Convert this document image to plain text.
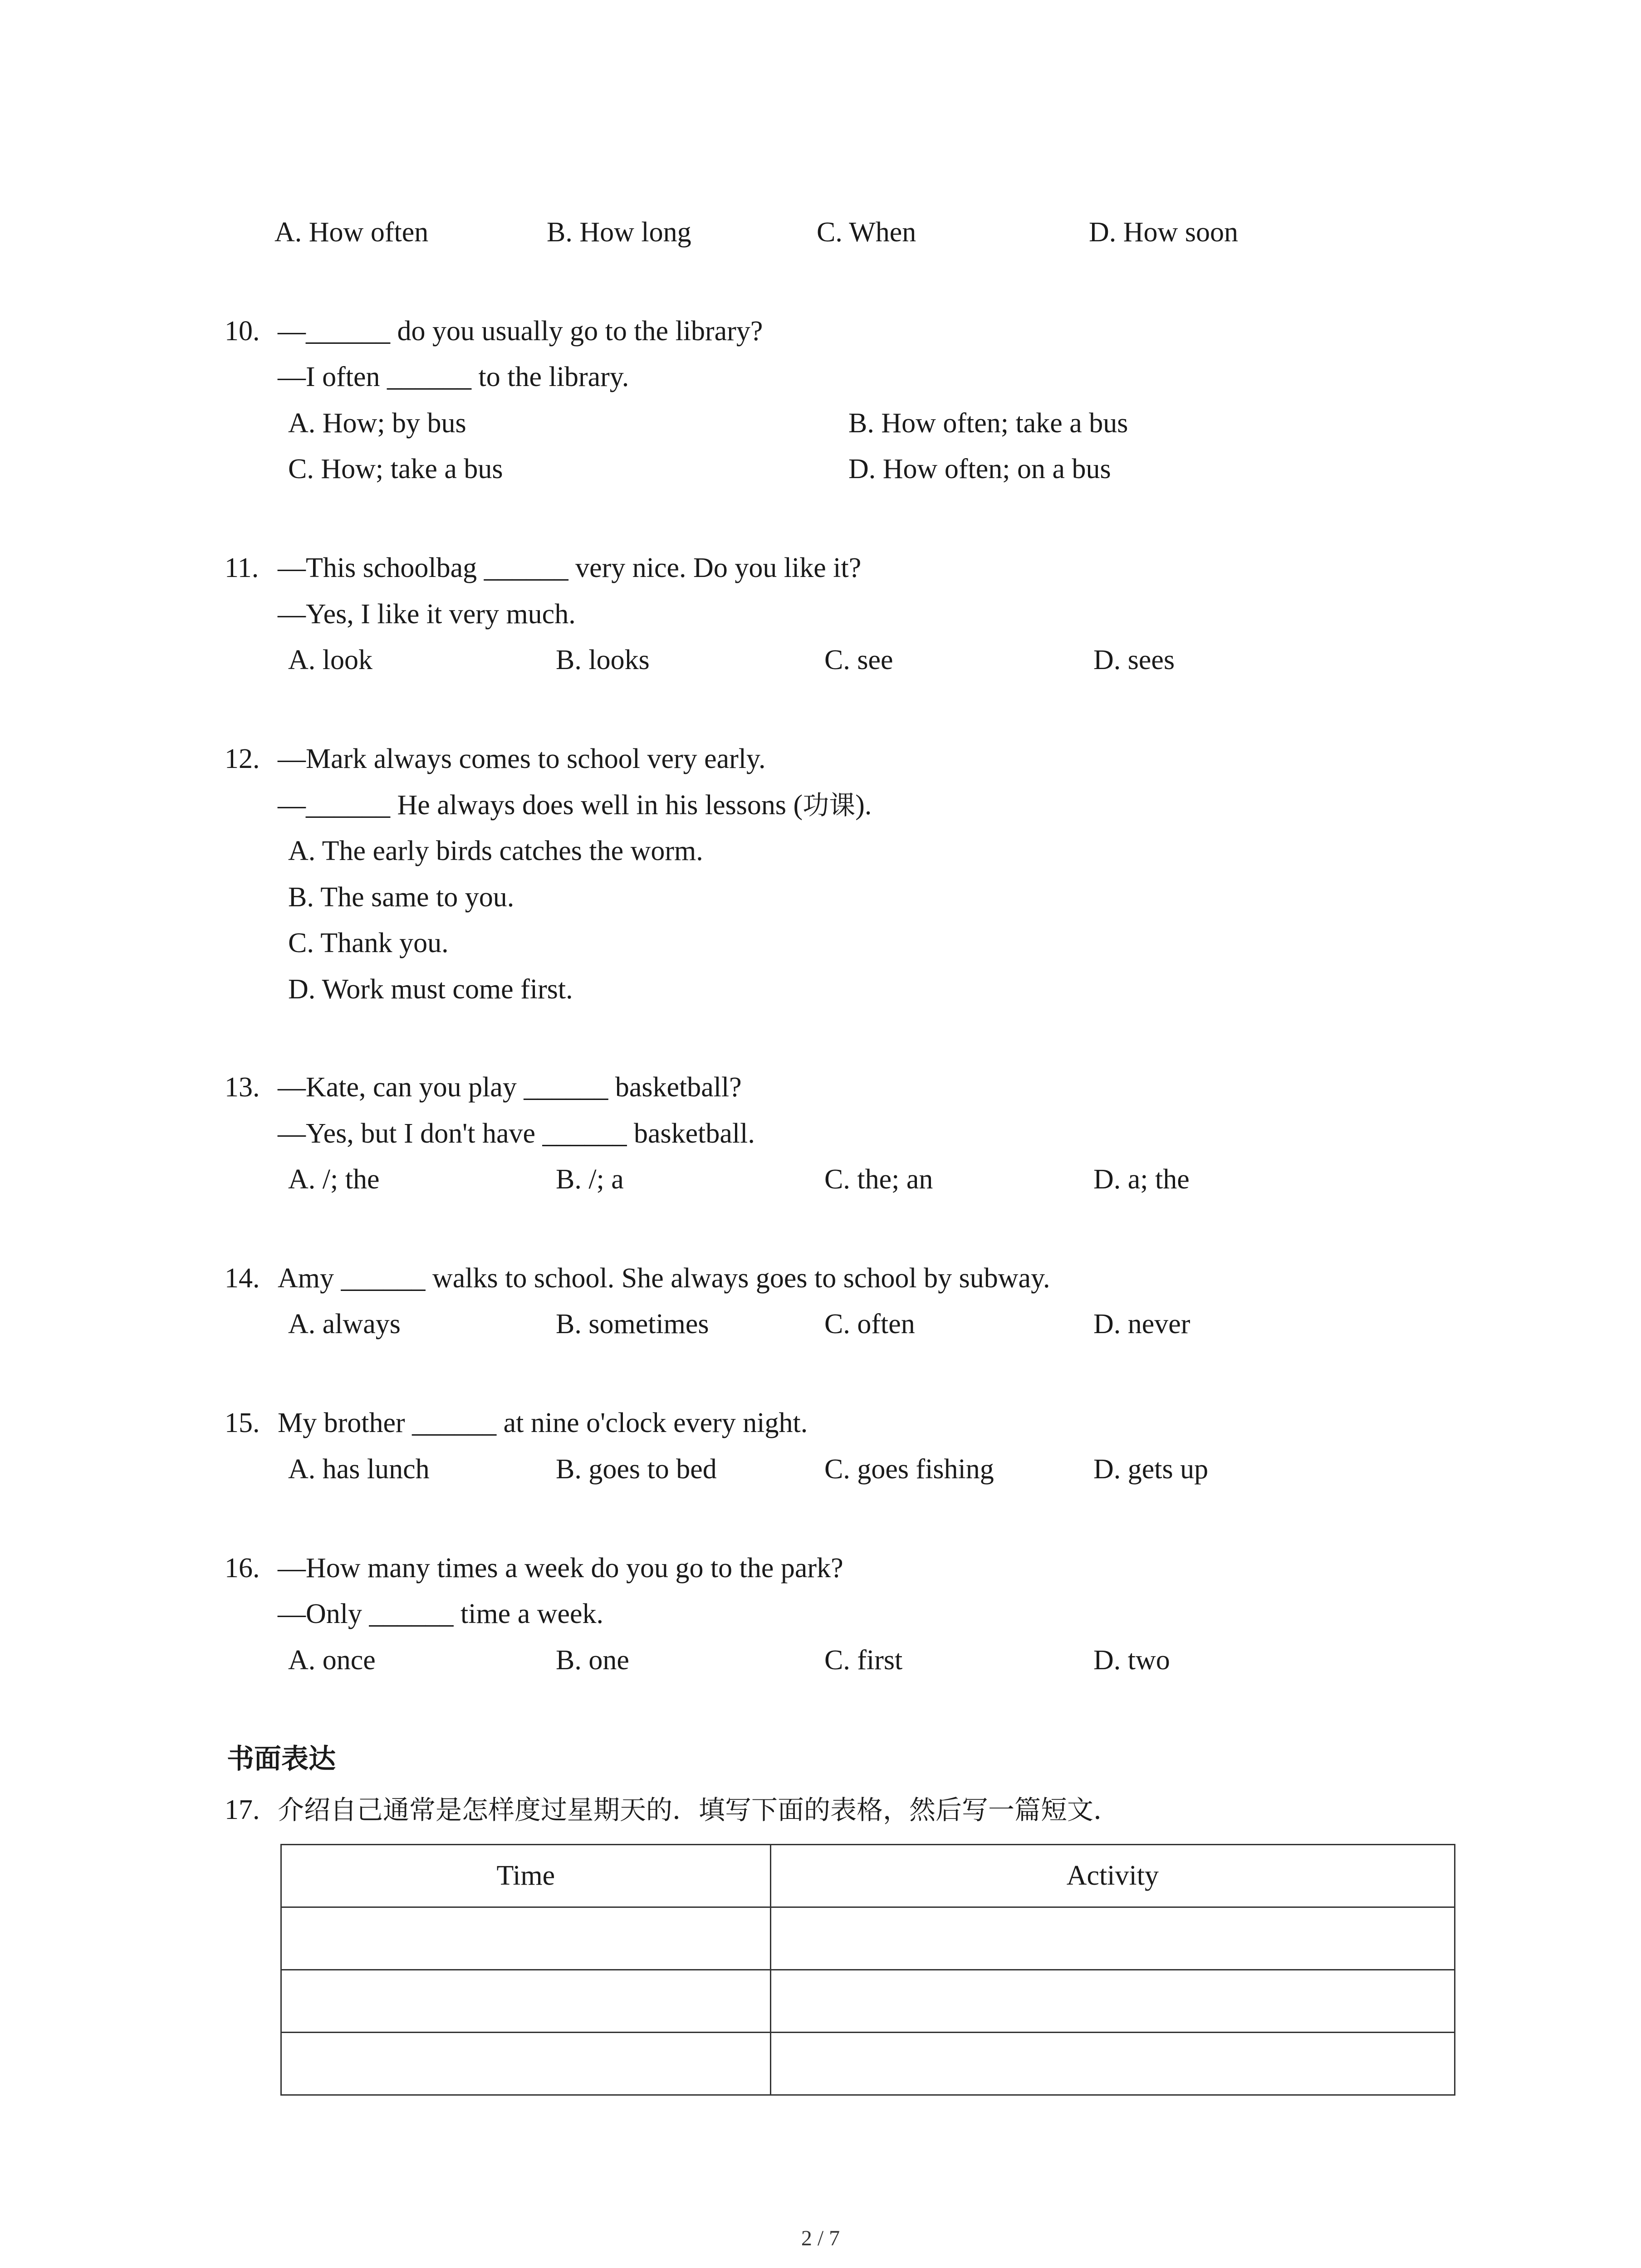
A. How often	B. How long	C. When	D. How soon
10. —______ do you usually go to the library?
—I often ______ to the library.
A. How; by bus	B. How often; take a bus
C. How; take a bus	D. How often; on a bus
11. —This schoolbag ______ very nice. Do you like it?
—Yes, I like it very much.
A. look	B. looks	C. see	D. sees
12. —Mark always comes to school very early.
—______ He always does well in his lessons (功课).
A. The early birds catches the worm.
B. The same to you.
C. Thank you.
D. Work must come first.
13. —Kate, can you play ______ basketball?
—Yes, but I don't have ______ basketball.
A. /; the	B. /; a	C. the; an	D. a; the
14. Amy ______ walks to school. She always goes to school by subway.
A. always	B. sometimes	C. often	D. never
15. My brother ______ at nine o'clock every night.
A. has lunch	B. goes to bed	C. goes fishing	D. gets up
16. —How many times a week do you go to the park?
—Only ______ time a week.
A. once	B. one	C. first	D. two
书面表达
17. 介绍自己通常是怎样度过星期天的．填写下面的表格，然后写一篇短文．
Time	Activity

2 / 7
